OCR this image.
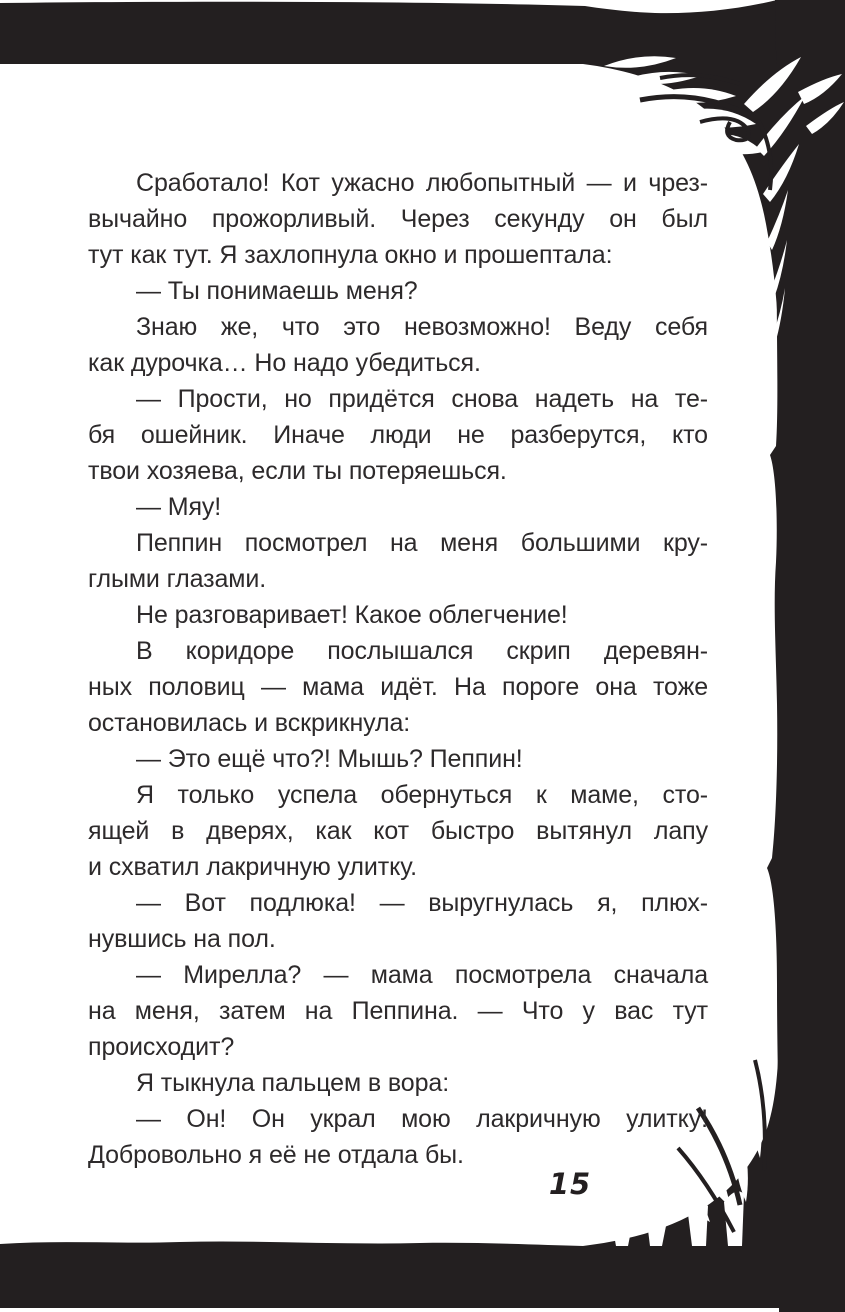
Сработало! Кот ужасно любопытный — и чрез-
вычайно прожорливый. Через секунду он был
тут как тут. Я захлопнула окно и прошептала:
— Ты понимаешь меня?
Знаю же, что это невозможно! Веду себя
как дурочка… Но надо убедиться.
— Прости, но придётся снова надеть на те-
бя ошейник. Иначе люди не разберутся, кто
твои хозяева, если ты потеряешься.
— Мяу!
Пеппин посмотрел на меня большими кру-
глыми глазами.
Не разговаривает! Какое облегчение!
В коридоре послышался скрип деревян-
ных половиц — мама идёт. На пороге она тоже
остановилась и вскрикнула:
— Это ещё что?! Мышь? Пеппин!
Я только успела обернуться к маме, сто-
ящей в дверях, как кот быстро вытянул лапу
и схватил лакричную улитку.
— Вот подлюка! — выругнулась я, плюх-
нувшись на пол.
— Мирелла? — мама посмотрела сначала
на меня, затем на Пеппина. — Что у вас тут
происходит?
Я тыкнула пальцем в вора:
— Он! Он украл мою лакричную улитку!
Добровольно я её не отдала бы.
15
